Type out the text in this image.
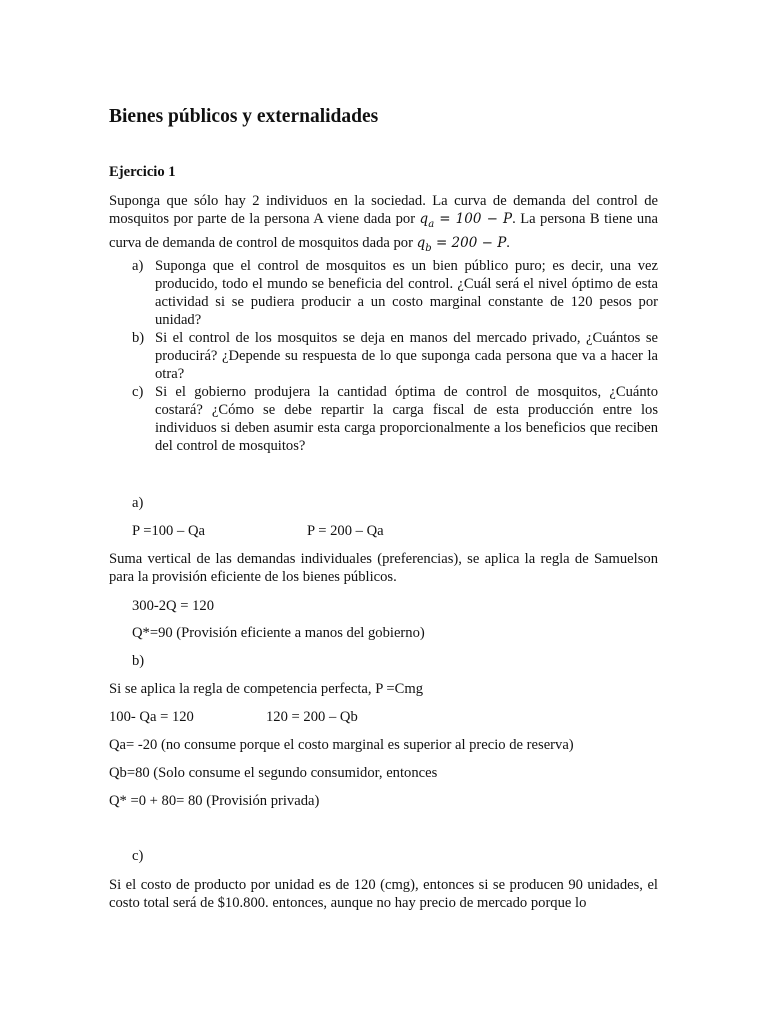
Bienes públicos y externalidades
Ejercicio 1
Suponga que sólo hay 2 individuos en la sociedad. La curva de demanda del control de mosquitos por parte de la persona A viene dada por $q_a = 100 - P$. La persona B tiene una curva de demanda de control de mosquitos dada por $q_b = 200 - P$.
a) Suponga que el control de mosquitos es un bien público puro; es decir, una vez producido, todo el mundo se beneficia del control. ¿Cuál será el nivel óptimo de esta actividad si se pudiera producir a un costo marginal constante de 120 pesos por unidad?
b) Si el control de los mosquitos se deja en manos del mercado privado, ¿Cuántos se producirá? ¿Depende su respuesta de lo que suponga cada persona que va a hacer la otra?
c) Si el gobierno produjera la cantidad óptima de control de mosquitos, ¿Cuánto costará? ¿Cómo se debe repartir la carga fiscal de esta producción entre los individuos si deben asumir esta carga proporcionalmente a los beneficios que reciben del control de mosquitos?
a)
P =100 – Qa	P = 200 – Qa
Suma vertical de las demandas individuales (preferencias), se aplica la regla de Samuelson para la provisión eficiente de los bienes públicos.
300-2Q = 120
Q*=90 (Provisión eficiente a manos del gobierno)
b)
Si se aplica la regla de competencia perfecta, P =Cmg
100- Qa = 120	120 = 200 – Qb
Qa= -20 (no consume porque el costo marginal es superior al precio de reserva)
Qb=80 (Solo consume el segundo consumidor, entonces
Q* =0 + 80= 80 (Provisión privada)
c)
Si el costo de producto por unidad es de 120 (cmg), entonces si se producen 90 unidades, el costo total será de $10.800. entonces, aunque no hay precio de mercado porque lo
